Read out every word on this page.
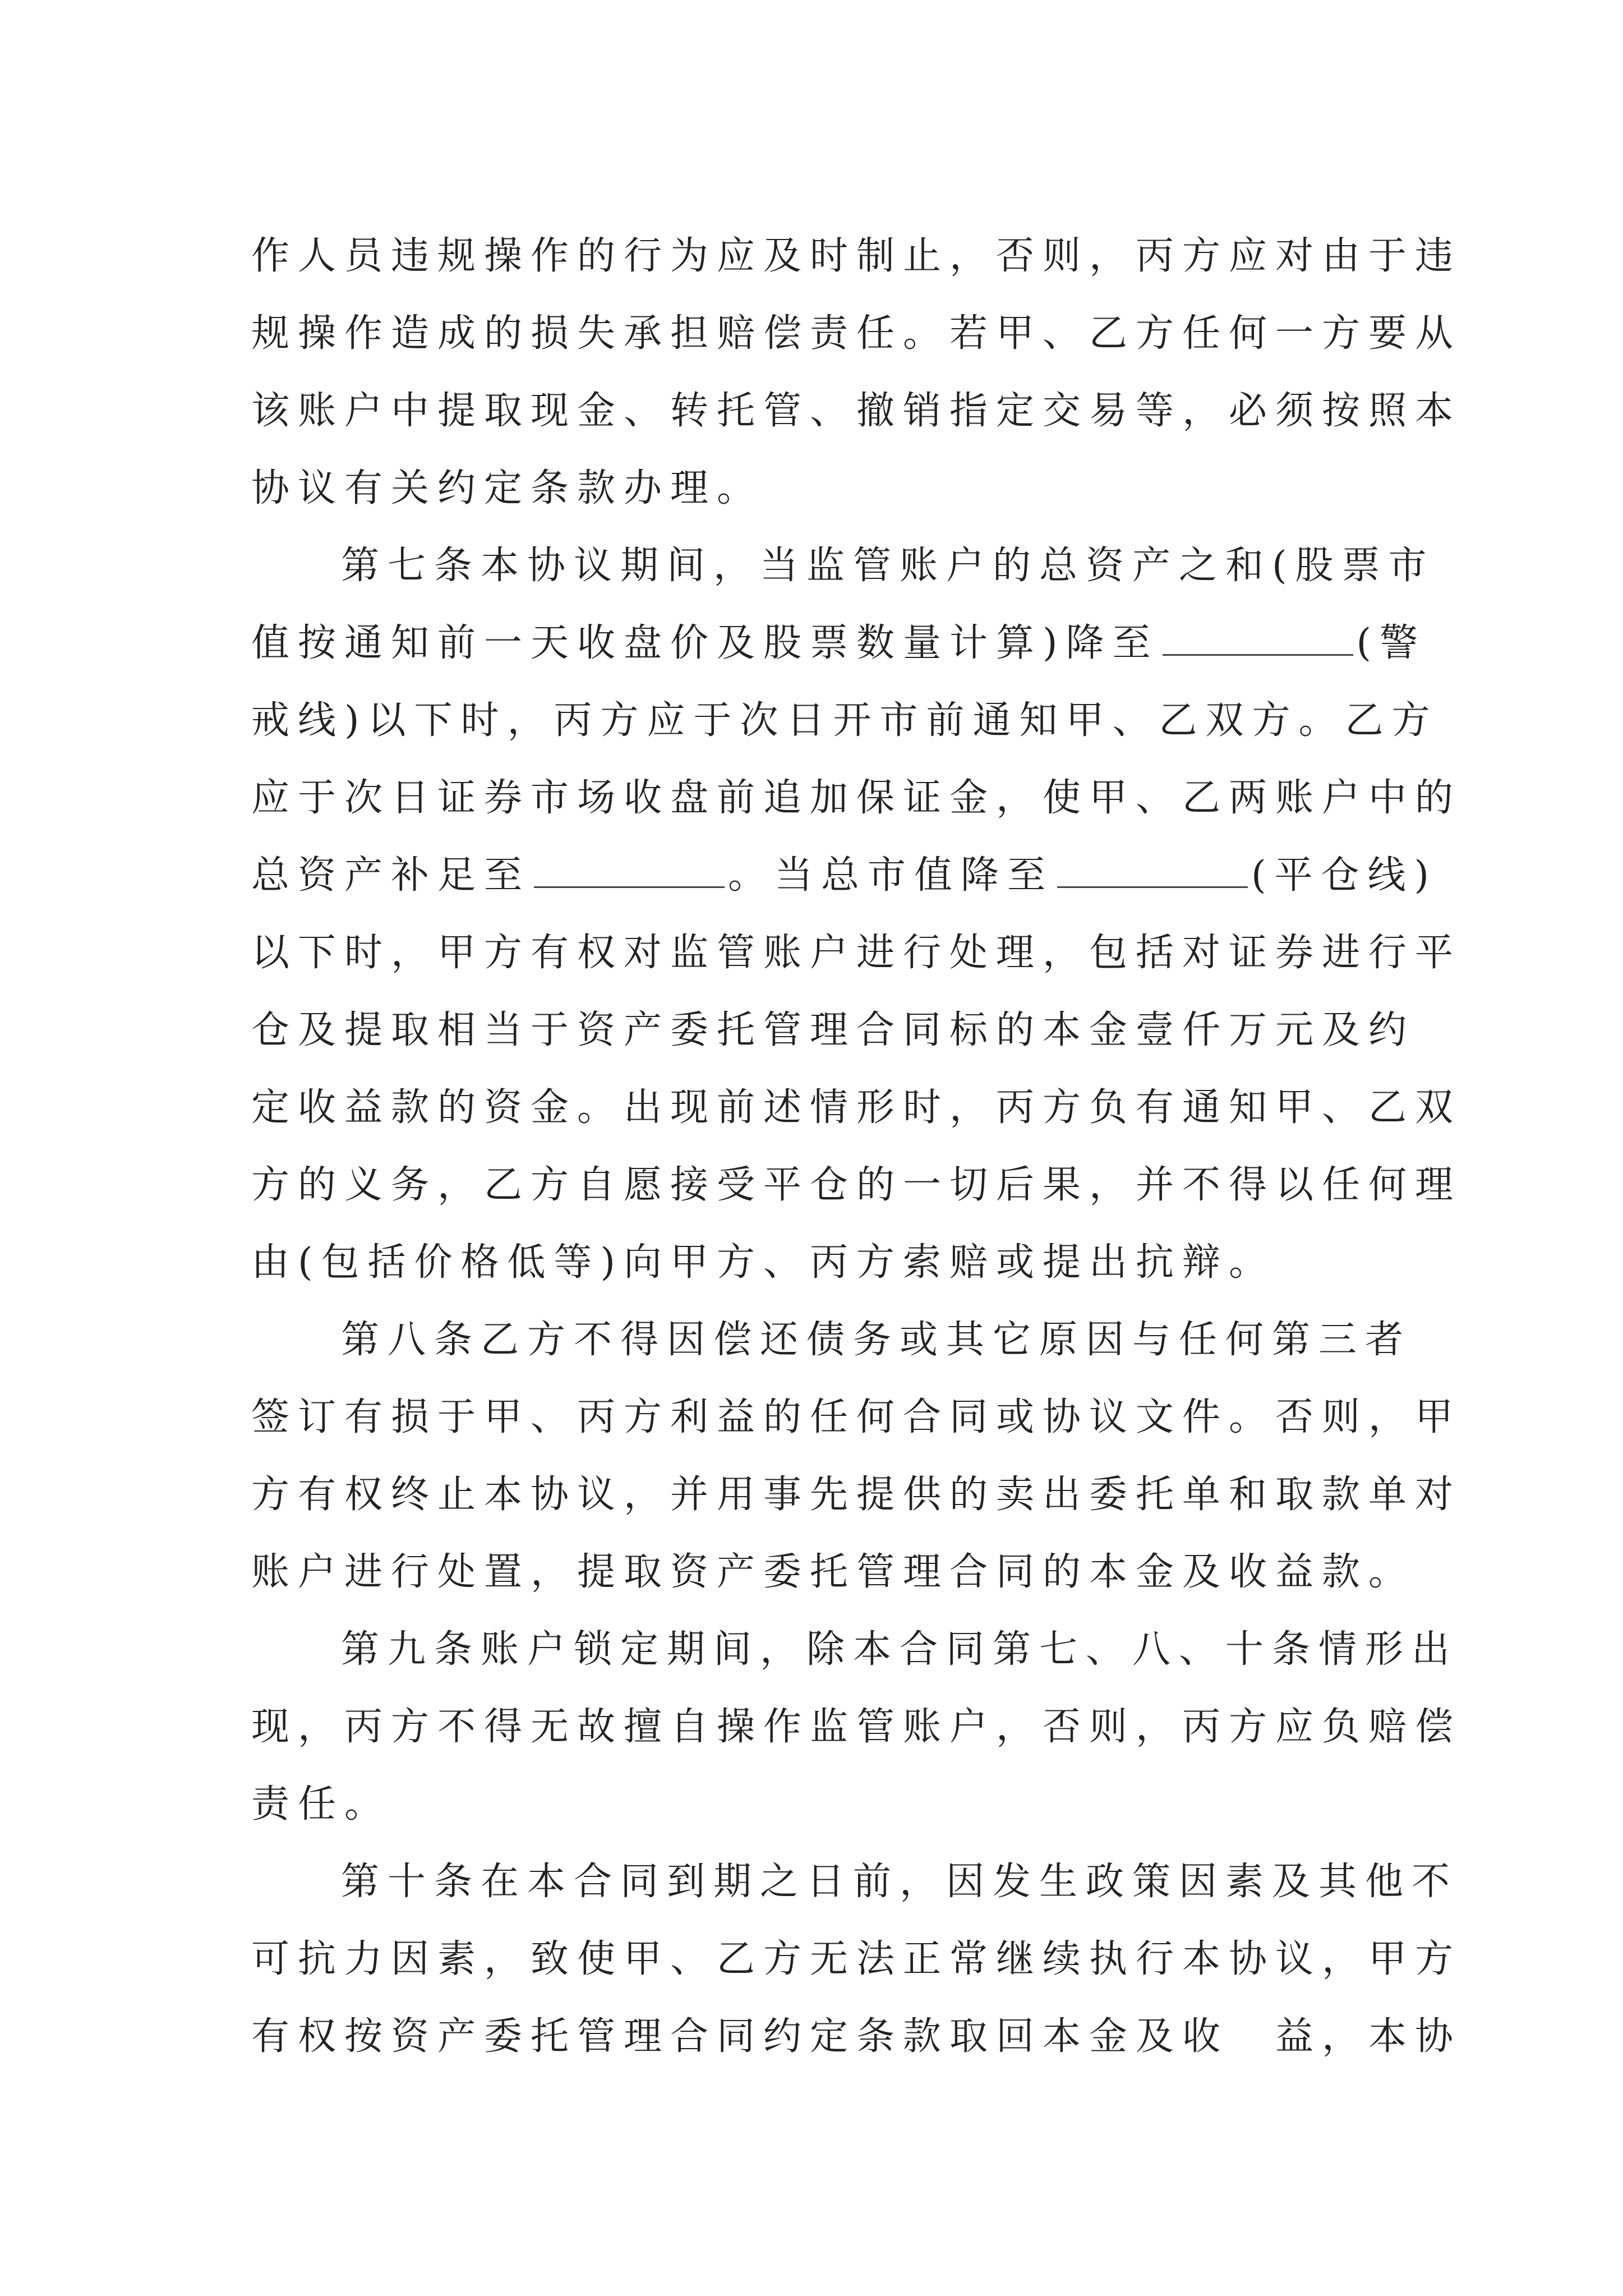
作人员违规操作的行为应及时制止，否则，丙方应对由于违
规操作造成的损失承担赔偿责任。若甲、乙方任何一方要从
该账户中提取现金、转托管、撤销指定交易等，必须按照本
协议有关约定条款办理。
第七条本协议期间，当监管账户的总资产之和(股票市
值按通知前一天收盘价及股票数量计算)降至	(警
戒线)以下时，丙方应于次日开市前通知甲、乙双方。乙方
应于次日证券市场收盘前追加保证金，使甲、乙两账户中的
总资产补足至	。当总市值降至	(平仓线)
以下时，甲方有权对监管账户进行处理，包括对证券进行平
仓及提取相当于资产委托管理合同标的本金壹仟万元及约
定收益款的资金。出现前述情形时，丙方负有通知甲、乙双
方的义务，乙方自愿接受平仓的一切后果，并不得以任何理
由(包括价格低等)向甲方、丙方索赔或提出抗辩。
第八条乙方不得因偿还债务或其它原因与任何第三者
签订有损于甲、丙方利益的任何合同或协议文件。否则，甲
方有权终止本协议，并用事先提供的卖出委托单和取款单对
账户进行处置，提取资产委托管理合同的本金及收益款。
第九条账户锁定期间，除本合同第七、八、十条情形出
现，丙方不得无故擅自操作监管账户，否则，丙方应负赔偿
责任。
第十条在本合同到期之日前，因发生政策因素及其他不
可抗力因素，致使甲、乙方无法正常继续执行本协议，甲方
有权按资产委托管理合同约定条款取回本金及收　益，本协
